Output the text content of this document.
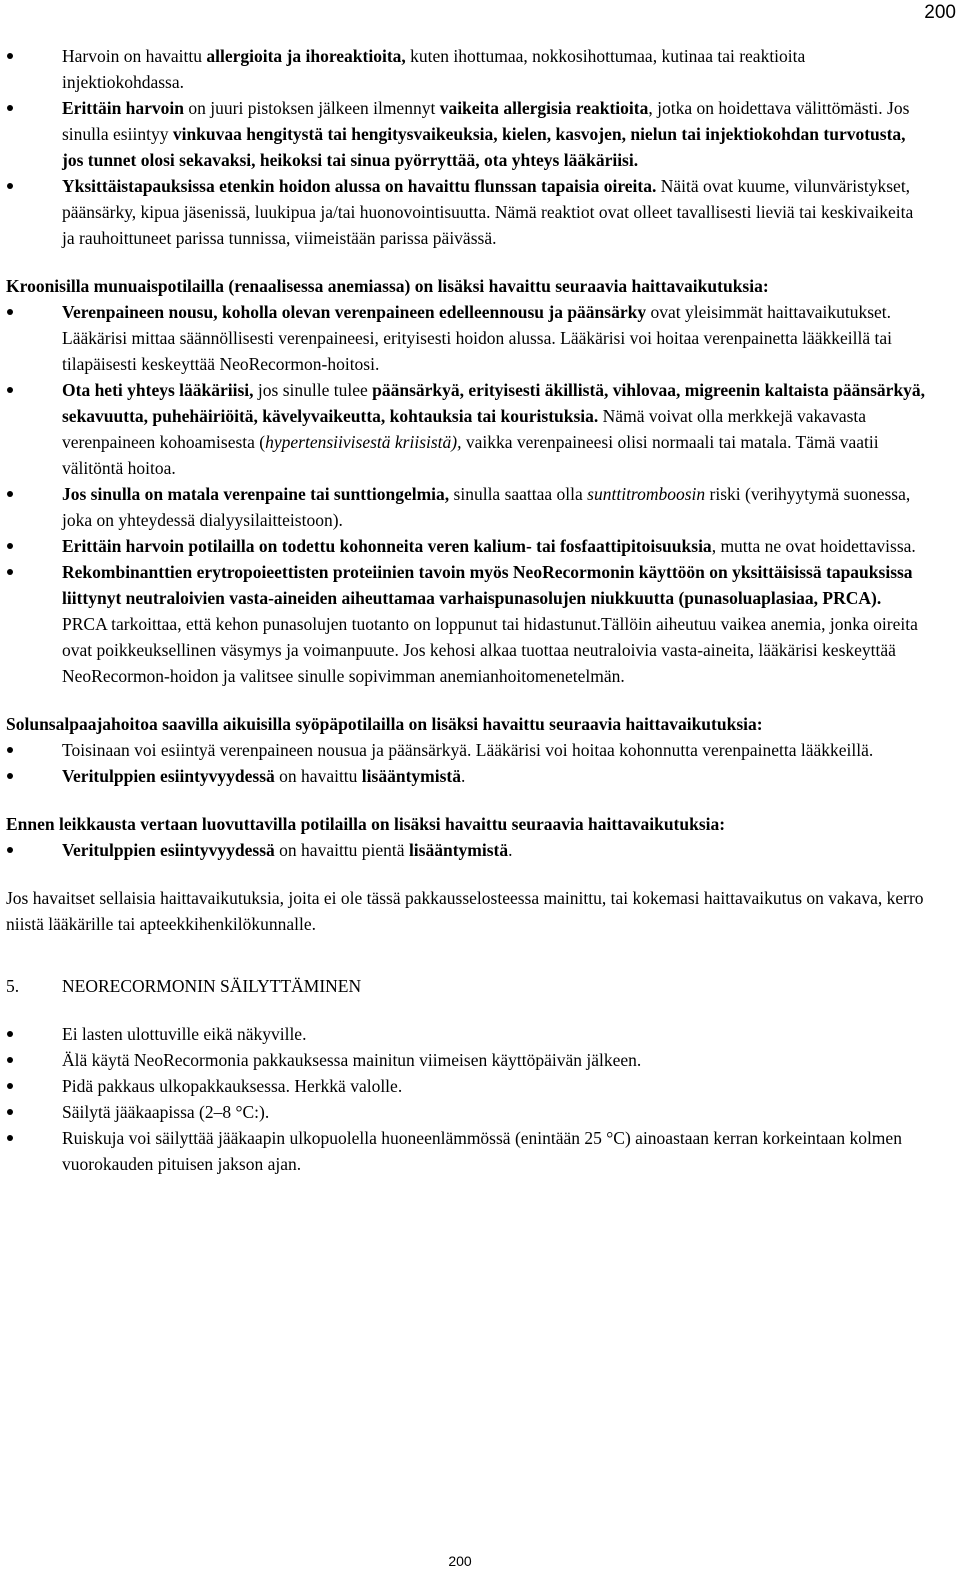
200
Harvoin on havaittu allergioita ja ihoreaktioita, kuten ihottumaa, nokkosihottumaa, kutinaa tai reaktioita injektiokohdassa.
Erittäin harvoin on juuri pistoksen jälkeen ilmennyt vaikeita allergisia reaktioita, jotka on hoidettava välittömästi. Jos sinulla esiintyy vinkuvaa hengitystä tai hengitysvaikeuksia, kielen, kasvojen, nielun tai injektiokohdan turvotusta, jos tunnet olosi sekavaksi, heikoksi tai sinua pyörryttää, ota yhteys lääkäriisi.
Yksittäistapauksissa etenkin hoidon alussa on havaittu flunssan tapaisia oireita. Näitä ovat kuume, vilunväristykset, päänsärky, kipua jäsenissä, luukipua ja/tai huonovointisuutta. Nämä reaktiot ovat olleet tavallisesti lieviä tai keskivaikeita ja rauhoittuneet parissa tunnissa, viimeistään parissa päivässä.

Kroonisilla munuaispotilailla (renaalisessa anemiassa) on lisäksi havaittu seuraavia haittavaikutuksia:

Verenpaineen nousu, koholla olevan verenpaineen edelleennousu ja päänsärky ovat yleisimmät haittavaikutukset. Lääkärisi mittaa säännöllisesti verenpaineesi, erityisesti hoidon alussa. Lääkärisi voi hoitaa verenpainetta lääkkeillä tai tilapäisesti keskeyttää NeoRecormon-hoitosi.
Ota heti yhteys lääkäriisi, jos sinulle tulee päänsärkyä, erityisesti äkillistä, vihlovaa, migreenin kaltaista päänsärkyä, sekavuutta, puhehäiriöitä, kävelyvaikeutta, kohtauksia tai kouristuksia. Nämä voivat olla merkkejä vakavasta verenpaineen kohoamisesta (hypertensiivisestä kriisistä), vaikka verenpaineesi olisi normaali tai matala. Tämä vaatii välitöntä hoitoa.
Jos sinulla on matala verenpaine tai sunttiongelmia, sinulla saattaa olla sunttitromboosin riski (verihyytymä suonessa, joka on yhteydessä dialyysilaitteistoon).
Erittäin harvoin potilailla on todettu kohonneita veren kalium- tai fosfaattipitoisuuksia, mutta ne ovat hoidettavissa.
Rekombinanttien erytropoieettisten proteiinien tavoin myös NeoRecormonin käyttöön on yksittäisissä tapauksissa liittynyt neutraloivien vasta-aineiden aiheuttamaa varhaispunasolujen niukkuutta (punasoluaplasiaa, PRCA). PRCA tarkoittaa, että kehon punasolujen tuotanto on loppunut tai hidastunut.Tällöin aiheutuu vaikea anemia, jonka oireita ovat poikkeuksellinen väsymys ja voimanpuute. Jos kehosi alkaa tuottaa neutraloivia vasta-aineita, lääkärisi keskeyttää NeoRecormon-hoidon ja valitsee sinulle sopivimman anemianhoitomenetelmän.

Solunsalpaajahoitoa saavilla aikuisilla syöpäpotilailla on lisäksi havaittu seuraavia haittavaikutuksia:

Toisinaan voi esiintyä verenpaineen nousua ja päänsärkyä. Lääkärisi voi hoitaa kohonnutta verenpainetta lääkkeillä.
Veritulppien esiintyvyydessä on havaittu lisääntymistä.

Ennen leikkausta vertaan luovuttavilla potilailla on lisäksi havaittu seuraavia haittavaikutuksia:

Veritulppien esiintyvyydessä on havaittu pientä lisääntymistä.

Jos havaitset sellaisia haittavaikutuksia, joita ei ole tässä pakkausselosteessa mainittu, tai kokemasi haittavaikutus on vakava, kerro niistä lääkärille tai apteekkihenkilökunnalle.

5. NEORECORMONIN SÄILYTTÄMINEN

Ei lasten ulottuville eikä näkyville.
Älä käytä NeoRecormonia pakkauksessa mainitun viimeisen käyttöpäivän jälkeen.
Pidä pakkaus ulkopakkauksessa. Herkkä valolle.
Säilytä jääkaapissa (2–8 °C:).
Ruiskuja voi säilyttää jääkaapin ulkopuolella huoneenlämmössä (enintään 25 °C) ainoastaan kerran korkeintaan kolmen vuorokauden pituisen jakson ajan.
200
